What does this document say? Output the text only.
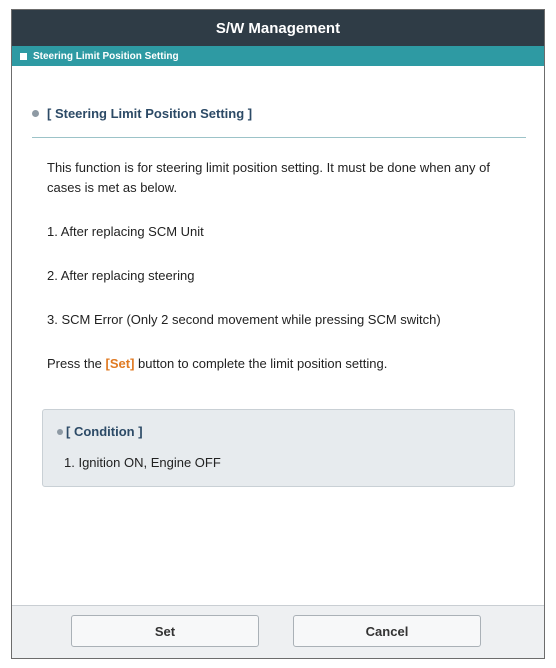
S/W Management
Steering Limit Position Setting
[ Steering Limit Position Setting ]
This function is for steering limit position setting. It must be done when any of cases is met as below.
1. After replacing SCM Unit
2. After replacing steering
3. SCM Error (Only 2 second movement while pressing SCM switch)
Press the [Set] button to complete the limit position setting.
[ Condition ]
1. Ignition ON, Engine OFF
Set	Cancel
